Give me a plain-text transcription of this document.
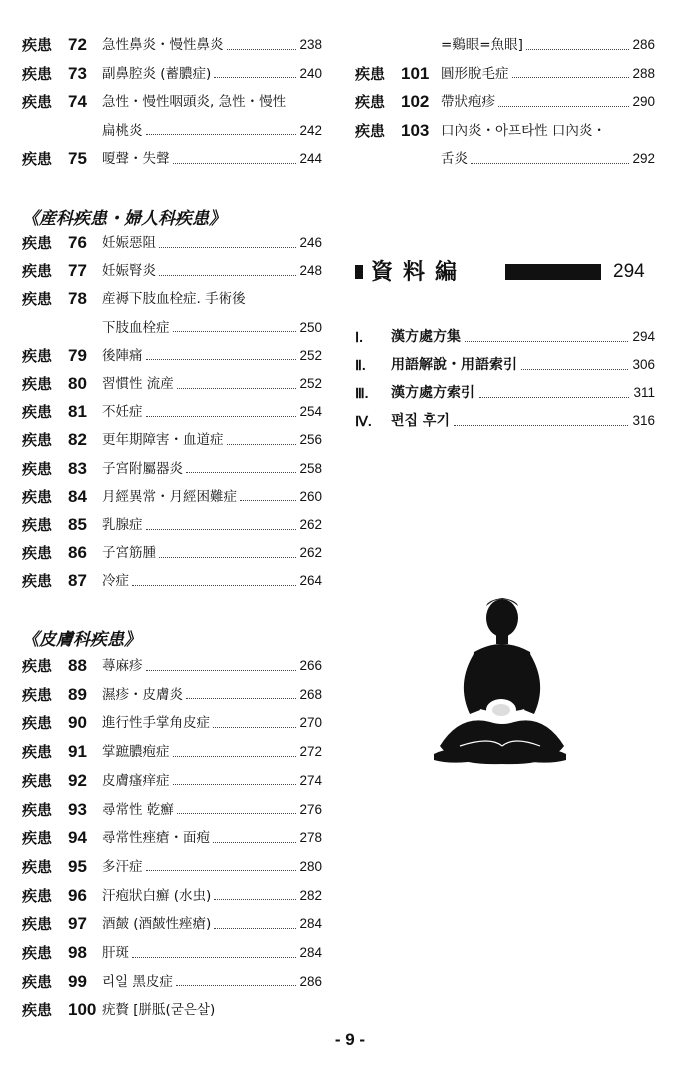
疾患 72 急性鼻炎・慢性鼻炎	238
疾患 73 副鼻腔炎 (蓄膿症)	240
疾患 74 急性・慢性咽頭炎, 急性・慢性
扁桃炎	242
疾患 75 嗄聲・失聲	244
《産科疾患・婦人科疾患》
疾患 76 妊娠惡阻	246
疾患 77 妊娠腎炎	248
疾患 78 産褥下肢血栓症. 手術後
下肢血栓症	250
疾患 79 後陣痛	252
疾患 80 習慣性 流産	252
疾患 81 不妊症	254
疾患 82 更年期障害・血道症	256
疾患 83 子宮附屬器炎	258
疾患 84 月經異常・月經困難症	260
疾患 85 乳腺症	262
疾患 86 子宮筋腫	262
疾患 87 冷症	264
《皮膚科疾患》
疾患 88 蕁麻疹	266
疾患 89 濕疹・皮膚炎	268
疾患 90 進行性手掌角皮症	270
疾患 91 掌蹠膿疱症	272
疾患 92 皮膚瘙痒症	274
疾患 93 尋常性 乾癬	276
疾患 94 尋常性痤瘡・面疱	278
疾患 95 多汗症	280
疾患 96 汗疱狀白癬 (水虫)	282
疾患 97 酒皶 (酒皶性痤瘡)	284
疾患 98 肝斑	284
疾患 99 리일 黑皮症	286
疾患 100 疣贅 [胼胝(굳은살)
=鷄眼=魚眼]	286
疾患 101 圓形脫毛症	288
疾患 102 帶狀疱疹	290
疾患 103 口內炎・아프타性 口內炎・
舌炎	292
資料編	294
Ⅰ. 漢方處方集	294
Ⅱ. 用語解說・用語索引	306
Ⅲ. 漢方處方索引	311
Ⅳ. 편집 후기	316
- 9 -
